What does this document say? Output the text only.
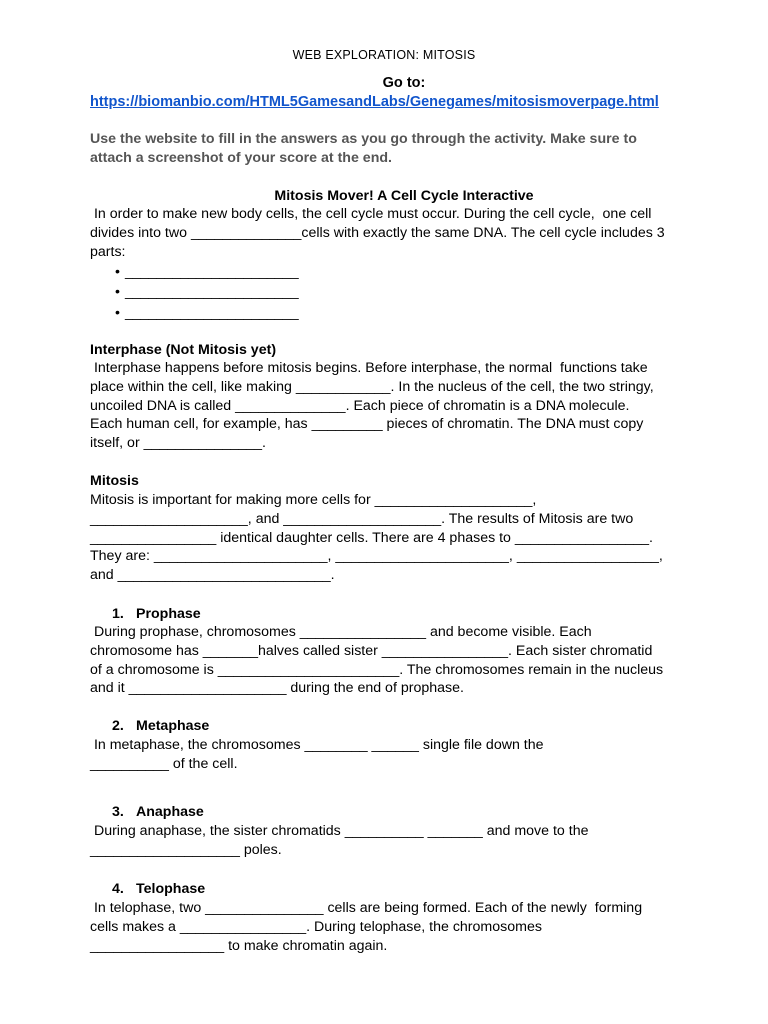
WEB EXPLORATION: MITOSIS
Go to:
https://biomanbio.com/HTML5GamesandLabs/Genegames/mitosismoverpage.html
Use the website to fill in the answers as you go through the activity. Make sure to
attach a screenshot of your score at the end.
Mitosis Mover! A Cell Cycle Interactive
In order to make new body cells, the cell cycle must occur. During the cell cycle,  one cell
divides into two ______________cells with exactly the same DNA. The cell cycle includes 3
parts:
• ______________________
• ______________________
• ______________________
Interphase (Not Mitosis yet)
Interphase happens before mitosis begins. Before interphase, the normal  functions take
place within the cell, like making ____________. In the nucleus of the cell, the two stringy,
uncoiled DNA is called ______________. Each piece of chromatin is a DNA molecule.
Each human cell, for example, has _________ pieces of chromatin. The DNA must copy
itself, or _______________.
Mitosis
Mitosis is important for making more cells for ____________________,
____________________, and ____________________. The results of Mitosis are two
________________ identical daughter cells. There are 4 phases to _________________.
They are: ______________________, ______________________, __________________,
and ___________________________.
1. Prophase
During prophase, chromosomes ________________ and become visible. Each
chromosome has _______halves called sister ________________. Each sister chromatid
of a chromosome is _______________________. The chromosomes remain in the nucleus
and it ____________________ during the end of prophase.
2. Metaphase
In metaphase, the chromosomes ________ ______ single file down the
__________ of the cell.
3. Anaphase
During anaphase, the sister chromatids __________ _______ and move to the
___________________ poles.
4. Telophase
In telophase, two _______________ cells are being formed. Each of the newly  forming
cells makes a ________________. During telophase, the chromosomes
_________________ to make chromatin again.
